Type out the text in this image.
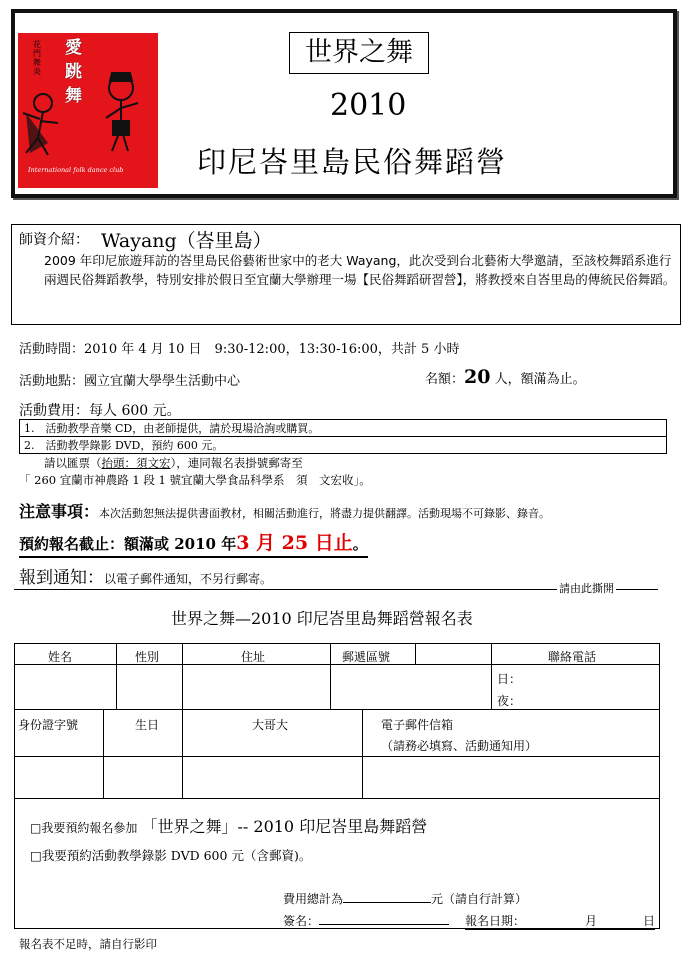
花門舞炎
愛跳舞
International folk dance club
世界之舞
2010
印尼峇里島民俗舞蹈營
師資介紹： Wayang（峇里島）
2009 年印尼旅遊拜訪的峇里島民俗藝術世家中的老大 Wayang，此次受到台北藝術大學邀請，至該校舞蹈系進行兩週民俗舞蹈教學，特別安排於假日至宜蘭大學辦理一場【民俗舞蹈研習營】，將教授來自峇里島的傳統民俗舞蹈。
活動時間：2010 年 4 月 10 日　9:30-12:00，13:30-16:00，共計 5 小時
活動地點：國立宜蘭大學學生活動中心	名額：20 人，額滿為止。
活動費用：每人 600 元。
1.　活動教學音樂 CD，由老師提供，請於現場洽詢或購買。
2.　活動教學錄影 DVD，預約 600 元。
請以匯票（抬頭：須文宏），連同報名表掛號郵寄至
「 260 宜蘭市神農路 1 段 1 號宜蘭大學食品科學系　須　文宏收」。
注意事項：本次活動恕無法提供書面教材，相關活動進行，將盡力提供翻譯。活動現場不可錄影、錄音。
預約報名截止：額滿或 2010 年3 月 25 日止。
報到通知：以電子郵件通知，不另行郵寄。
請由此撕開
世界之舞—2010 印尼峇里島舞蹈營報名表
姓名	性別	住址	郵遞區號	聯絡電話
日：
夜：
身份證字號	生日	大哥大	電子郵件信箱
（請務必填寫、活動通知用）
□我要預約報名參加 「世界之舞」-- 2010 印尼峇里島舞蹈營
□我要預約活動教學錄影 DVD 600 元（含郵資)。
費用總計為	元（請自行計算）
簽名：	報名日期：	月	日
報名表不足時，請自行影印
